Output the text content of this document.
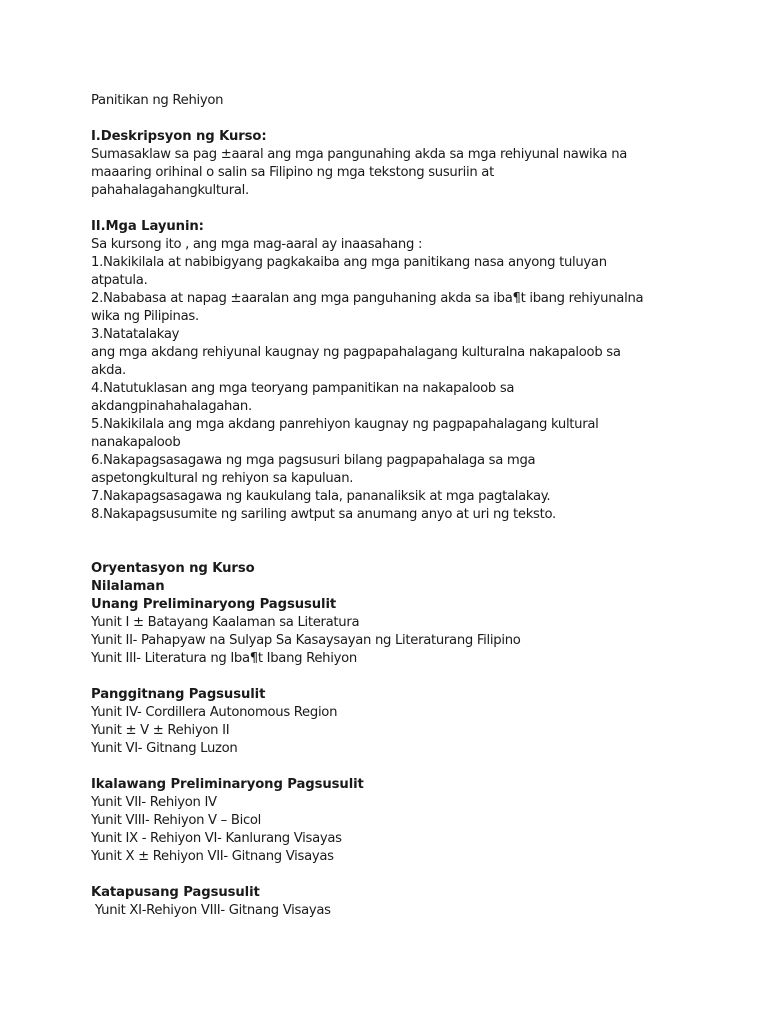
Panitikan ng Rehiyon
I.Deskripsyon ng Kurso:
Sumasaklaw sa pag ±aaral ang mga pangunahing akda sa mga rehiyunal nawika na
maaaring orihinal o salin sa Filipino ng mga tekstong susuriin at
pahahalagahangkultural.
II.Mga Layunin:
Sa kursong ito , ang mga mag-aaral ay inaasahang :
1.Nakikilala at nabibigyang pagkakaiba ang mga panitikang nasa anyong tuluyan
atpatula.
2.Nababasa at napag ±aaralan ang mga panguhaning akda sa iba¶t ibang rehiyunalna
wika ng Pilipinas.
3.Natatalakay
ang mga akdang rehiyunal kaugnay ng pagpapahalagang kulturalna nakapaloob sa
akda.
4.Natutuklasan ang mga teoryang pampanitikan na nakapaloob sa
akdangpinahahalagahan.
5.Nakikilala ang mga akdang panrehiyon kaugnay ng pagpapahalagang kultural
nanakapaloob
6.Nakapagsasagawa ng mga pagsusuri bilang pagpapahalaga sa mga
aspetongkultural ng rehiyon sa kapuluan.
7.Nakapagsasagawa ng kaukulang tala, pananaliksik at mga pagtalakay.
8.Nakapagsusumite ng sariling awtput sa anumang anyo at uri ng teksto.
Oryentasyon ng Kurso
Nilalaman
Unang Preliminaryong Pagsusulit
Yunit I ± Batayang Kaalaman sa Literatura
Yunit II- Pahapyaw na Sulyap Sa Kasaysayan ng Literaturang Filipino
Yunit III- Literatura ng Iba¶t Ibang Rehiyon
Panggitnang Pagsusulit
Yunit IV- Cordillera Autonomous Region
Yunit ± V ± Rehiyon II
Yunit VI- Gitnang Luzon
Ikalawang Preliminaryong Pagsusulit
Yunit VII- Rehiyon IV
Yunit VIII- Rehiyon V – Bicol
Yunit IX - Rehiyon VI- Kanlurang Visayas
Yunit X ± Rehiyon VII- Gitnang Visayas
Katapusang Pagsusulit
Yunit XI-Rehiyon VIII- Gitnang Visayas
